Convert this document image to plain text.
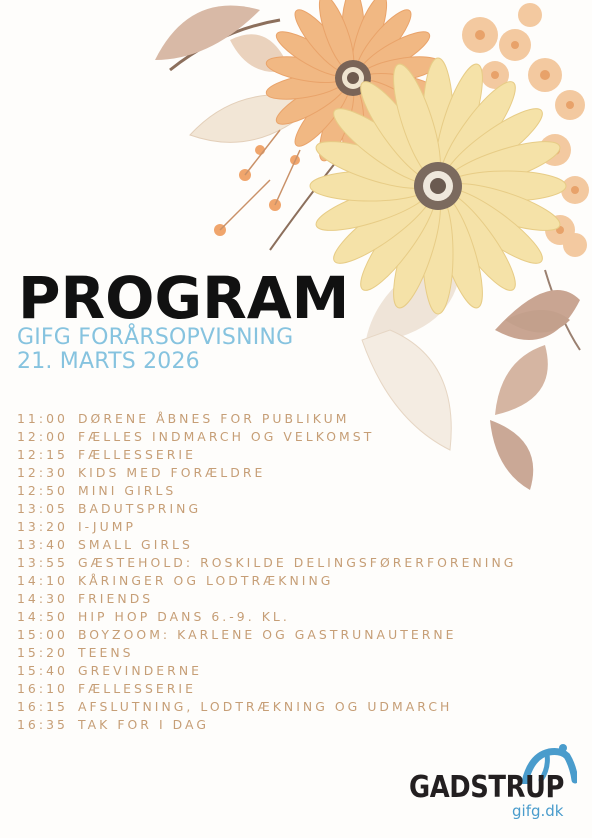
PROGRAM
GIFG FORÅRSOPVISNING
21. MARTS 2026
11:00 DØRENE ÅBNES FOR PUBLIKUM
12:00 FÆLLES INDMARCH OG VELKOMST
12:15 FÆLLESSERIE
12:30 KIDS MED FORÆLDRE
12:50 MINI GIRLS
13:05 BADUTSPRING
13:20 I-JUMP
13:40 SMALL GIRLS
13:55 GÆSTEHOLD: ROSKILDE DELINGSFØRERFORENING
14:10 KÅRINGER OG LODTRÆKNING
14:30 FRIENDS
14:50 HIP HOP DANS 6.-9. KL.
15:00 BOYZOOM: KARLENE OG GASTRUNAUTERNE
15:20 TEENS
15:40 GREVINDERNE
16:10 FÆLLESSERIE
16:15 AFSLUTNING, LODTRÆKNING OG UDMARCH
16:35 TAK FOR I DAG
GADSTRUP
gifg.dk
